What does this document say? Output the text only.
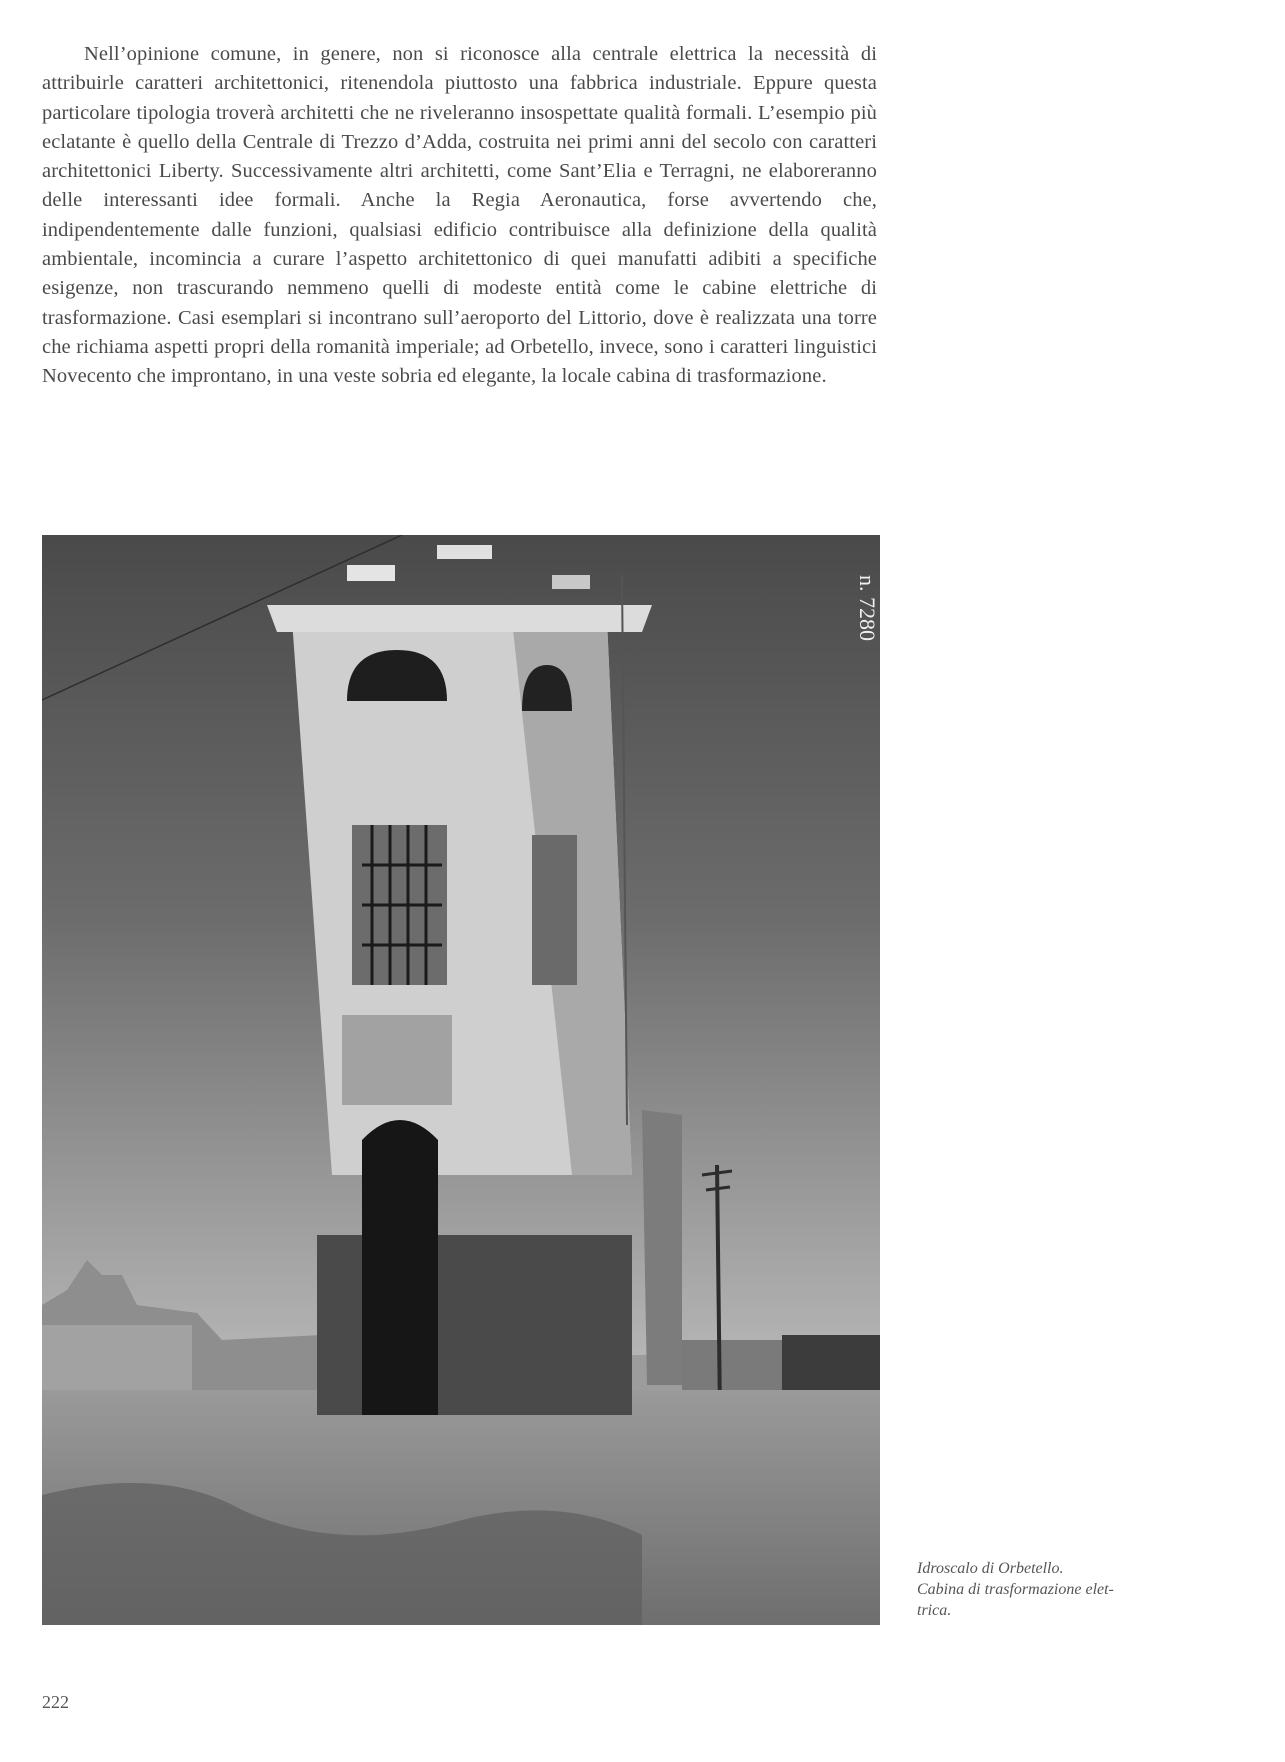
Nell’opinione comune, in genere, non si riconosce alla centrale elettrica la necessità di attribuirle caratteri architettonici, ritenendola piuttosto una fabbrica industriale. Eppure questa particolare tipologia troverà architetti che ne riveleranno insospettate qualità formali. L’esempio più eclatante è quello della Centrale di Trezzo d’Adda, costruita nei primi anni del secolo con caratteri architettonici Liberty. Successivamente altri architetti, come Sant’Elia e Terragni, ne elaboreranno delle interessanti idee formali. Anche la Regia Aeronautica, forse avvertendo che, indipendentemente dalle funzioni, qualsiasi edificio contribuisce alla definizione della qualità ambientale, incomincia a curare l’aspetto architettonico di quei manufatti adibiti a specifiche esigenze, non trascurando nemmeno quelli di modeste entità come le cabine elettriche di trasformazione. Casi esemplari si incontrano sull’aeroporto del Littorio, dove è realizzata una torre che richiama aspetti propri della romanità imperiale; ad Orbetello, invece, sono i caratteri linguistici Novecento che improntano, in una veste sobria ed elegante, la locale cabina di trasformazione.

n. 7280
Idroscalo di Orbetello.
Cabina di trasformazione elet-
trica.
222
